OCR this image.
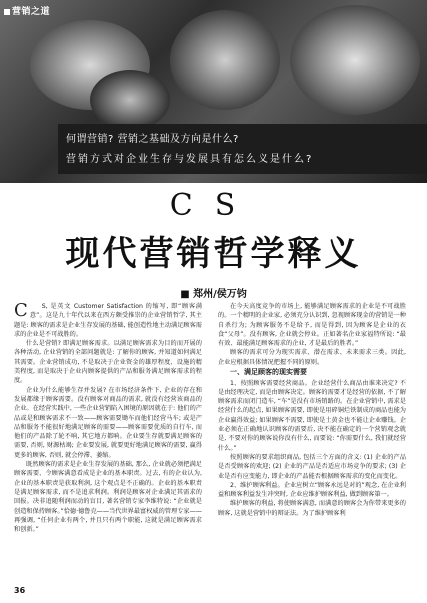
营销之道
何谓营销? 营销之基础及方向是什么?
营销方式对企业生存与发展具有怎么义是什么?
CS
现代营销哲学释义
■ 郑州/侯万钧

C S, 是英文 Customer Satisfaction 的缩写, 即“顾客满意”。这是九十年代以来在西方颇受推崇的企业营销哲学, 其主题是: 顾客的需求是企业生存发展的基础, 能创造性地主动满足顾客需求的企业是不可战胜的。

什么是营销? 即满足顾客需求。以满足顾客需求为目的而开展的各种活动, 企业营销的全部问题就是: 了解你的顾客, 并知道如何满足其需要。企业营销成功, 不是取决于企业资金的雄厚程度、设施的精美程度, 而是取决于企业内顾客提供的产品和服务满足顾客需求的程度。

企业为什么能够生存并发展? 在市场经济条件下, 企业的存在和发展都缘于顾客需要。没有顾客对商品的需求, 就没有经营该商品的企业。在经营实践中, 一些企业营销陷入困境的原因就在于: 他们的产品或是和顾客需求不一致——顾客需要锄车而他们经营马车; 或是产品和服务不能很好地满足顾客的需要——顾客需要优质的自行车, 而他们的产品除了轮不响, 其它地方都响。企业要生存就要满足顾客的需要, 否则, 财源枯竭; 企业要发展, 就要更好地满足顾客的需要, 赢得更多的顾客, 否则, 就会停滞、萎缩。

既然顾客的需求是企业生存发展的基础, 那么, 企业就必须把满足顾客需要、令顾客满意看成是企业的基本职责。过去, 有的企业认为, 企业的基本职责是获取利润, 这个观点是不正确的。企业的基本职责是满足顾客需求, 而不是追求利润。利润是顾客对企业满足其需求的回报。决非追随利润而动的盲目, 著名营销专家李维特说: “企业就是创造和保持顾客。”恰德·德鲁克——当代世界最富权威的管理专家——再强调, “任何企业有两个, 并且只有两个职能, 这就是满足顾客需求和创新。”

在今天高度竞争的市场上, 能够满足顾客需求的企业是不可战胜的。一个精明的企业家, 必须充分认识到, 忽视顾客现金的营销是一种自杀行为; 为顾客服务不是给予, 而是得到, 因为顾客是企业的衣食“父母”。没有顾客, 企业就会停业。正如著名企业家福特所说: “最有效、最能满足顾客需求的企业, 才是最后的胜者。”

顾客的需求可分为现实需求、潜在需求、未来需求三类。因此, 企业应根据具体情况把握不同的原则。

一、满足顾客的现实需要

1、按照顾客需要经营商品。企业经营什么商品由谁来决定? 不是由经理决定, 而是由顾客决定。顾客的需要才是经营的依据, 不了解顾客需求而闭门造车, “车”是没有市场销路的。在企业营销中, 需求是经营什么的起点, 如果顾客需要, 即使是用碎铜烂铁制成的商品也能为企业赢得效益; 如果顾客不需要, 即使是土黄金也不能让企业赚钱。企业必须在正确地认识顾客的需要后, 决不能在确定的一个营销观念就是, 不要对你的顾客说你没有什么, 而要说: “你需要什么, 我们就经营什么。”

按照顾客的要求组织商品, 包括三个方面的含义: (1) 企业的产品是否受顾客的欢迎; (2) 企业的产品是否适应市场竞争的要求; (3) 企业是否有应变能力, 即企业的产品能否根据顾客需求的变化而变化。

2、维护顾客利益。企业应树立“顾客永远是对的”观念, 在企业利益和顾客利益发生冲突时, 企业应维护顾客利益, 做到顾客第一。

维护顾客的利益, 将使顾客满意, 而满意的顾客会为你带来更多的顾客, 这就是营销中的辩证法。为了维护顾客利

36
